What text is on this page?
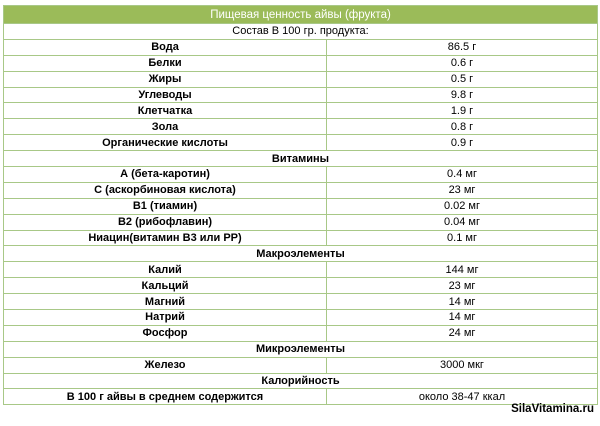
Пищевая ценность айвы (фрукта)	
Состав В 100 гр. продукта:	
Вода	86.5 г
Белки	0.6 г
Жиры	0.5 г
Углеводы	9.8 г
Клетчатка	1.9 г
Зола	0.8 г
Органические кислоты	0.9 г
Витамины	
А (бета-каротин)	0.4 мг
С (аскорбиновая кислота)	23 мг
В1 (тиамин)	0.02 мг
В2 (рибофлавин)	0.04 мг
Ниацин(витамин В3 или РР)	0.1 мг
Макроэлементы	
Калий	144 мг
Кальций	23 мг
Магний	14 мг
Натрий	14 мг
Фосфор	24 мг
Микроэлементы	
Железо	3000 мкг
Калорийность	
В 100 г айвы в среднем содержится	около 38-47 ккал
SilaVitamina.ru
